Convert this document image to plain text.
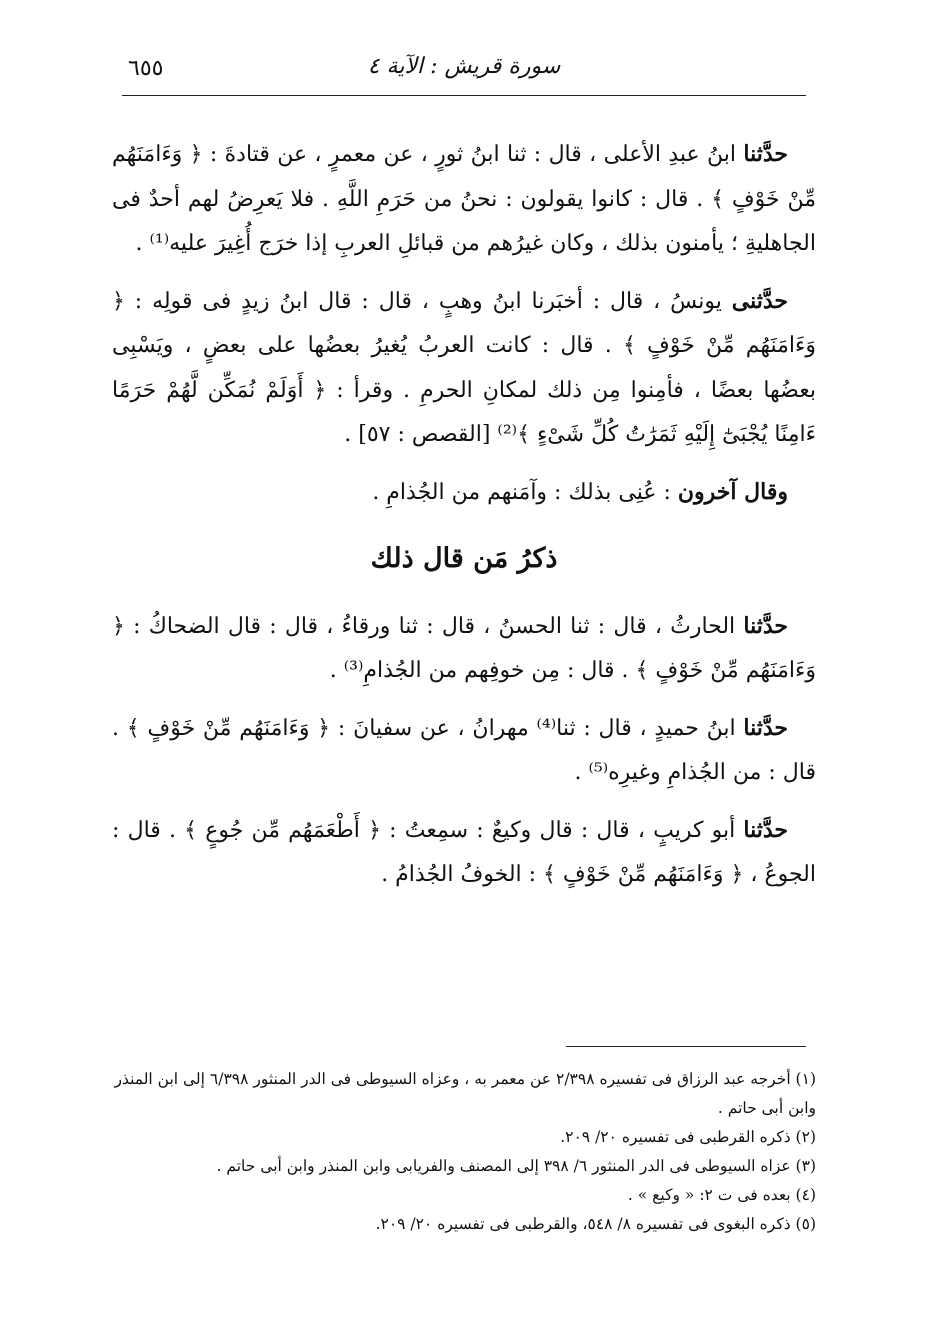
٦٥٥	سورة قريش : الآية ٤

حدَّثنا ابنُ عبدِ الأعلى ، قال : ثنا ابنُ ثورٍ ، عن معمرٍ ، عن قتادةَ : ﴿ وَءَامَنَهُم مِّنْ خَوْفٍ ﴾ . قال : كانوا يقولون : نحنُ من حَرَمِ اللَّهِ . فلا يَعرِضُ لهم أحدٌ فى الجاهليةِ ؛ يأمنون بذلك ، وكان غيرُهم من قبائلِ العربِ إذا خرَج أُغِيرَ عليه⁽¹⁾ .

حدَّثنى يونسُ ، قال : أخبَرنا ابنُ وهبٍ ، قال : قال ابنُ زيدٍ فى قولِه : ﴿ وَءَامَنَهُم مِّنْ خَوْفٍ ﴾ . قال : كانت العربُ يُغيرُ بعضُها على بعضٍ ، ويَسْبِى بعضُها بعضًا ، فأمِنوا مِن ذلك لمكانِ الحرمِ . وقرأ : ﴿ أَوَلَمْ نُمَكِّن لَّهُمْ حَرَمًا ءَامِنًا يُجْبَىٰٓ إِلَيْهِ ثَمَرَٰتُ كُلِّ شَىْءٍ ﴾⁽²⁾ [القصص : ٥٧] .

وقال آخرون : عُنِى بذلك : وآمَنهم من الجُذامِ .

ذكرُ مَن قال ذلك

حدَّثنا الحارثُ ، قال : ثنا الحسنُ ، قال : ثنا ورقاءُ ، قال : قال الضحاكُ : ﴿ وَءَامَنَهُم مِّنْ خَوْفٍ ﴾ . قال : مِن خوفِهم من الجُذامِ⁽³⁾ .

حدَّثنا ابنُ حميدٍ ، قال : ثنا⁽⁴⁾ مهرانُ ، عن سفيانَ : ﴿ وَءَامَنَهُم مِّنْ خَوْفٍ ﴾ . قال : من الجُذامِ وغيرِه⁽⁵⁾ .

حدَّثنا أبو كريبٍ ، قال : قال وكيعٌ : سمِعتُ : ﴿ أَطْعَمَهُم مِّن جُوعٍ ﴾ . قال : الجوعُ ، ﴿ وَءَامَنَهُم مِّنْ خَوْفٍ ﴾ : الخوفُ الجُذامُ .

(١) أخرجه عبد الرزاق فى تفسيره ٢/٣٩٨ عن معمر به ، وعزاه السيوطى فى الدر المنثور ٦/٣٩٨ إلى ابن المنذر وابن أبى حاتم .

(٢) ذكره القرطبى فى تفسيره ٢٠/ ٢٠٩.

(٣) عزاه السيوطى فى الدر المنثور ٦/ ٣٩٨ إلى المصنف والفريابى وابن المنذر وابن أبى حاتم .

(٤) بعده فى ت ٢: « وكيع » .

(٥) ذكره البغوى فى تفسيره ٨/ ٥٤٨، والقرطبى فى تفسيره ٢٠/ ٢٠٩.
